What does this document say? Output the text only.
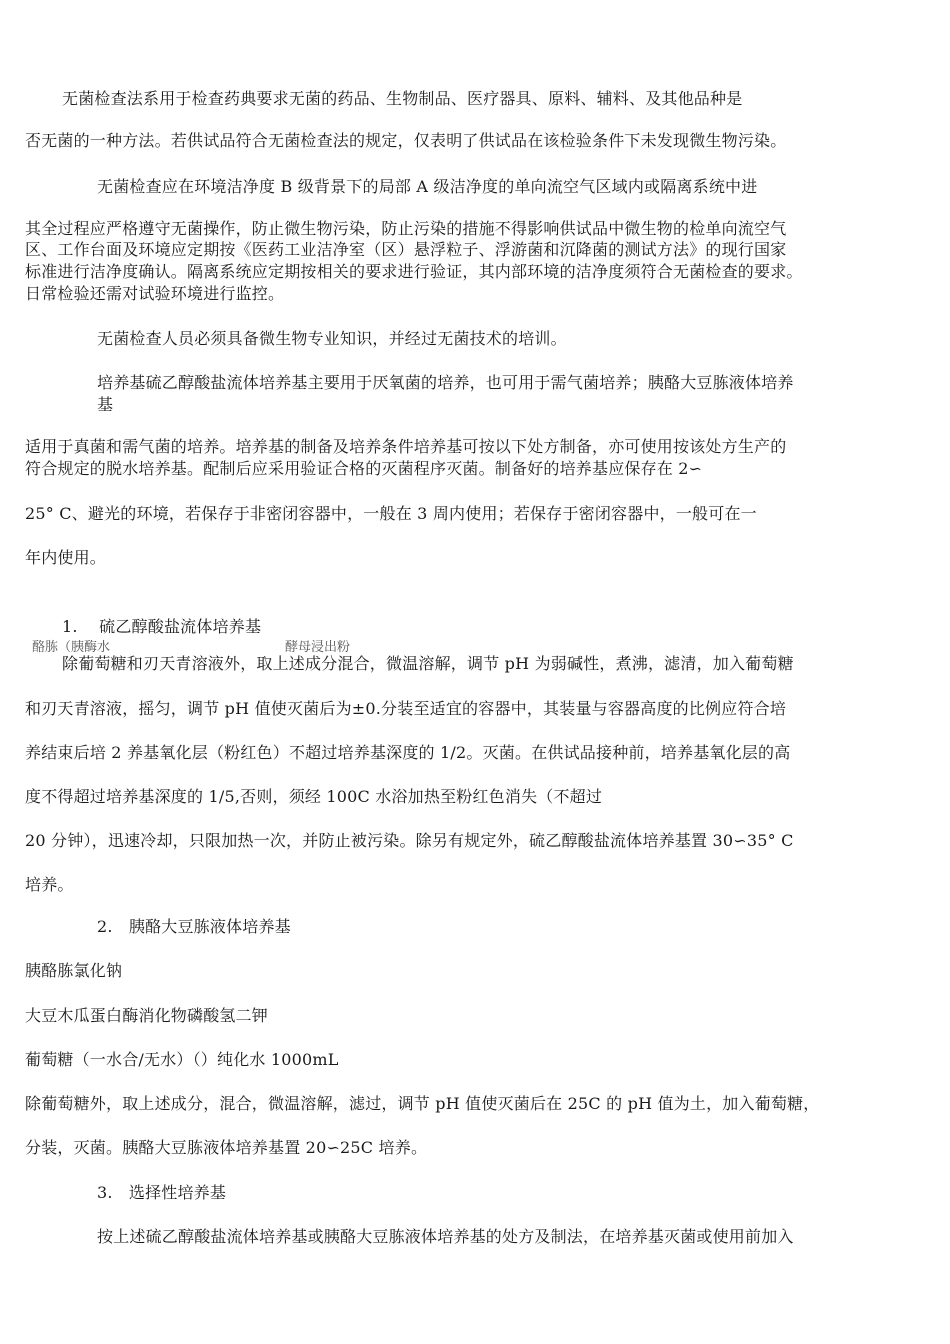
无菌检查法系用于检查药典要求无菌的药品、生物制品、医疗器具、原料、辅料、及其他品种是
否无菌的一种方法。若供试品符合无菌检查法的规定，仅表明了供试品在该检验条件下未发现微生物污染。
无菌检查应在环境洁净度 B 级背景下的局部 A 级洁净度的单向流空气区域内或隔离系统中进
其全过程应严格遵守无菌操作，防止微生物污染，防止污染的措施不得影响供试品中微生物的检单向流空气
区、工作台面及环境应定期按《医药工业洁净室（区）悬浮粒子、浮游菌和沉降菌的测试方法》的现行国家
标准进行洁净度确认。隔离系统应定期按相关的要求进行验证，其内部环境的洁净度须符合无菌检查的要求。
日常检验还需对试验环境进行监控。
无菌检查人员必须具备微生物专业知识，并经过无菌技术的培训。
培养基硫乙醇酸盐流体培养基主要用于厌氧菌的培养，也可用于需气菌培养；胰酪大豆胨液体培养
基
适用于真菌和需气菌的培养。培养基的制备及培养条件培养基可按以下处方制备，亦可使用按该处方生产的
符合规定的脱水培养基。配制后应采用验证合格的灭菌程序灭菌。制备好的培养基应保存在 2∽
25° C、避光的环境，若保存于非密闭容器中，一般在 3 周内使用；若保存于密闭容器中，一般可在一
年内使用。
1.　 硫乙醇酸盐流体培养基
酪胨（胰酶水	酵母浸出粉
除葡萄糖和刃天青溶液外，取上述成分混合，微温溶解，调节 pH 为弱碱性，煮沸，滤清，加入葡萄糖
和刃天青溶液，摇匀，调节 pH 值使灭菌后为±0.分装至适宜的容器中，其装量与容器高度的比例应符合培
养结束后培 2 养基氧化层（粉红色）不超过培养基深度的 1/2。灭菌。在供试品接种前，培养基氧化层的高
度不得超过培养基深度的 1/5,否则，须经 100C 水浴加热至粉红色消失（不超过
20 分钟），迅速冷却，只限加热一次，并防止被污染。除另有规定外，硫乙醇酸盐流体培养基置 30∽35° C
培养。
2.　胰酪大豆胨液体培养基
胰酪胨氯化钠
大豆木瓜蛋白酶消化物磷酸氢二钾
葡萄糖（一水合/无水）（）纯化水 1000mL
除葡萄糖外，取上述成分，混合，微温溶解，滤过，调节 pH 值使灭菌后在 25C 的 pH 值为土，加入葡萄糖，
分装，灭菌。胰酪大豆胨液体培养基置 20∽25C 培养。
3.　选择性培养基
按上述硫乙醇酸盐流体培养基或胰酪大豆胨液体培养基的处方及制法，在培养基灭菌或使用前加入
